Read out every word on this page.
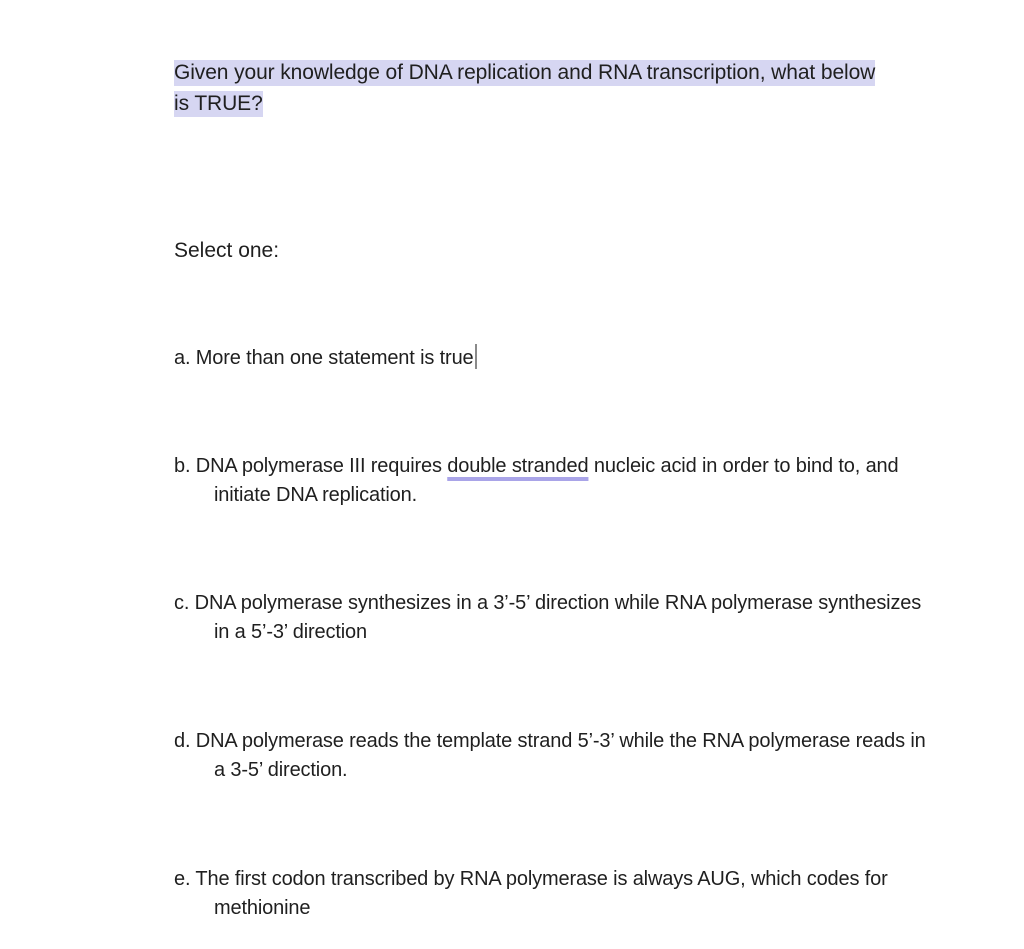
Given your knowledge of DNA replication and RNA transcription, what below
is TRUE?
Select one:
a. More than one statement is true
b. DNA polymerase III requires double stranded nucleic acid in order to bind to, and initiate DNA replication.
c. DNA polymerase synthesizes in a 3’-5’ direction while RNA polymerase synthesizes in a 5’-3’ direction
d. DNA polymerase reads the template strand 5’-3’ while the RNA polymerase reads in a 3-5’ direction.
e. The first codon transcribed by RNA polymerase is always AUG, which codes for methionine
